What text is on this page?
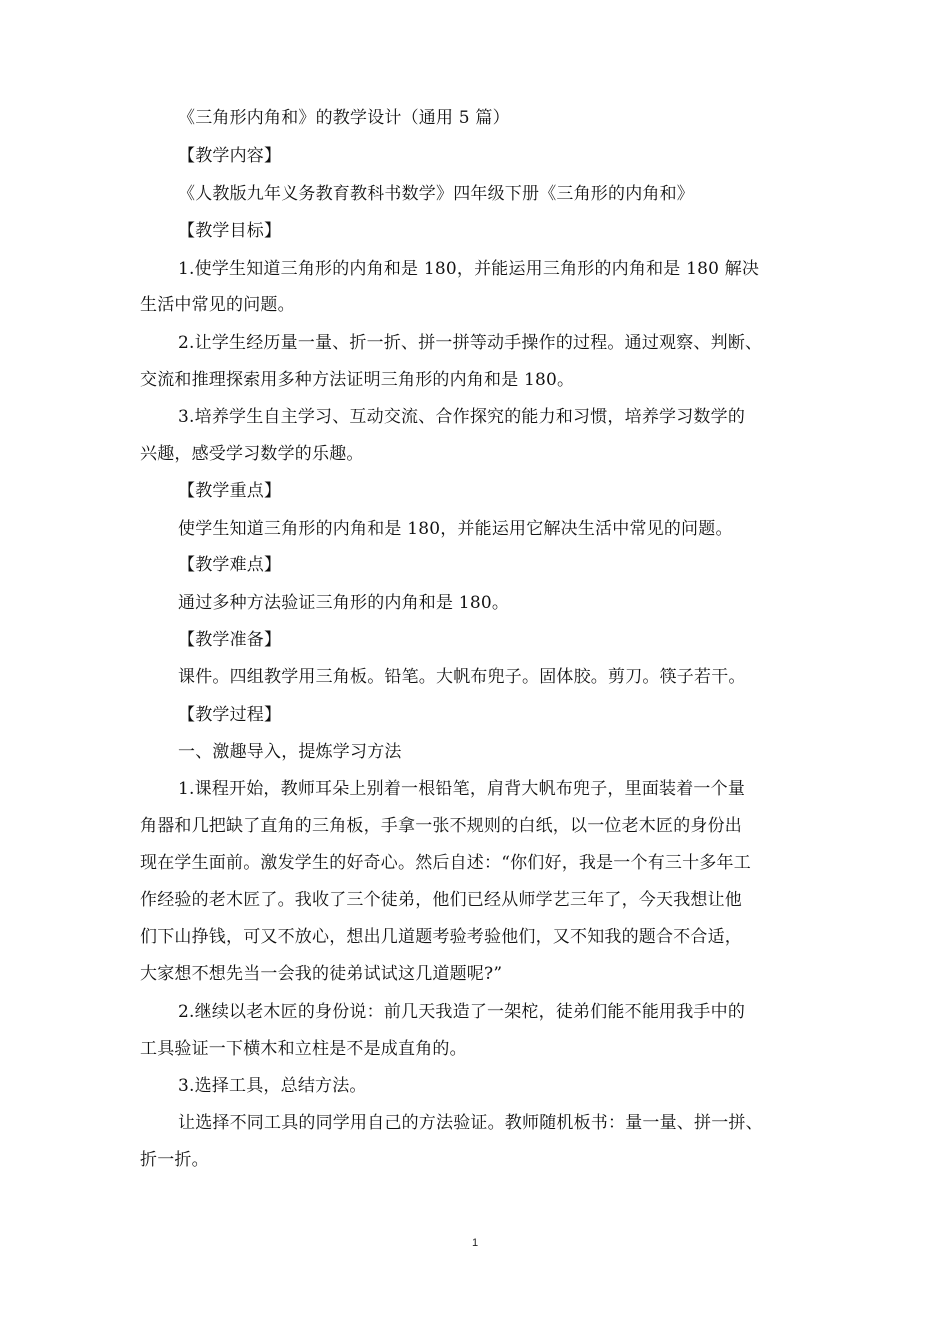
《三角形内角和》的教学设计（通用 5 篇）
【教学内容】
《人教版九年义务教育教科书数学》四年级下册《三角形的内角和》
【教学目标】
1.使学生知道三角形的内角和是 180，并能运用三角形的内角和是 180 解决
生活中常见的问题。
2.让学生经历量一量、折一折、拼一拼等动手操作的过程。通过观察、判断、
交流和推理探索用多种方法证明三角形的内角和是 180。
3.培养学生自主学习、互动交流、合作探究的能力和习惯，培养学习数学的
兴趣，感受学习数学的乐趣。
【教学重点】
使学生知道三角形的内角和是 180，并能运用它解决生活中常见的问题。
【教学难点】
通过多种方法验证三角形的内角和是 180。
【教学准备】
课件。四组教学用三角板。铅笔。大帆布兜子。固体胶。剪刀。筷子若干。
【教学过程】
一、激趣导入，提炼学习方法
1.课程开始，教师耳朵上别着一根铅笔，肩背大帆布兜子，里面装着一个量
角器和几把缺了直角的三角板，手拿一张不规则的白纸，以一位老木匠的身份出
现在学生面前。激发学生的好奇心。然后自述：“你们好，我是一个有三十多年工
作经验的老木匠了。我收了三个徒弟，他们已经从师学艺三年了，今天我想让他
们下山挣钱，可又不放心，想出几道题考验考验他们，又不知我的题合不合适，
大家想不想先当一会我的徒弟试试这几道题呢?”
2.继续以老木匠的身份说：前几天我造了一架柁，徒弟们能不能用我手中的
工具验证一下横木和立柱是不是成直角的。
3.选择工具，总结方法。
让选择不同工具的同学用自己的方法验证。教师随机板书：量一量、拼一拼、
折一折。
1
